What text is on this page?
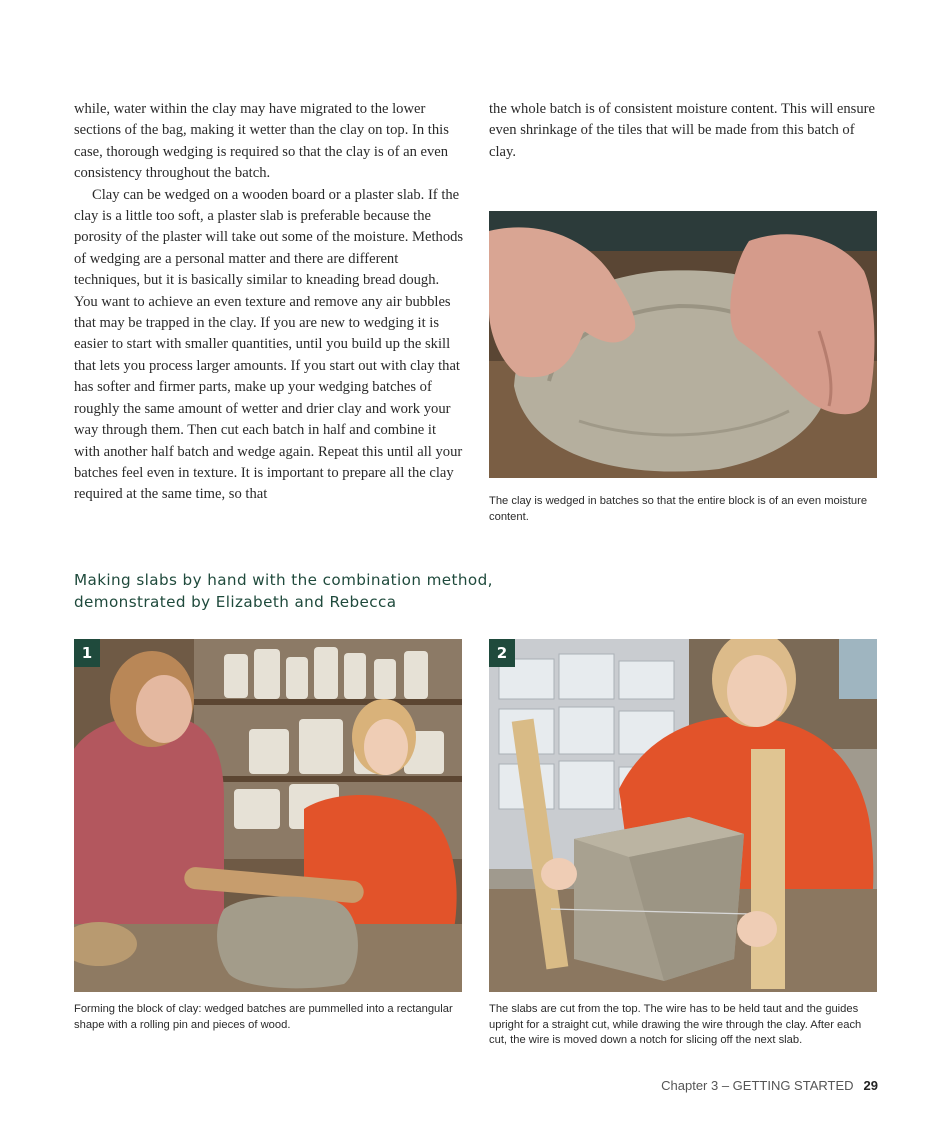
while, water within the clay may have migrated to the lower sections of the bag, making it wetter than the clay on top. In this case, thorough wedging is required so that the clay is of an even consistency throughout the batch.

Clay can be wedged on a wooden board or a plaster slab. If the clay is a little too soft, a plaster slab is preferable because the porosity of the plaster will take out some of the moisture. Methods of wedging are a personal matter and there are different techniques, but it is basically similar to kneading bread dough. You want to achieve an even texture and remove any air bubbles that may be trapped in the clay. If you are new to wedging it is easier to start with smaller quantities, until you build up the skill that lets you process larger amounts. If you start out with clay that has softer and firmer parts, make up your wedging batches of roughly the same amount of wetter and drier clay and work your way through them. Then cut each batch in half and combine it with another half batch and wedge again. Repeat this until all your batches feel even in texture. It is important to prepare all the clay required at the same time, so that

the whole batch is of consistent moisture content. This will ensure even shrinkage of the tiles that will be made from this batch of clay.

The clay is wedged in batches so that the entire block is of an even moisture content.

Making slabs by hand with the combination method, demonstrated by Elizabeth and Rebecca
1

Forming the block of clay: wedged batches are pummelled into a rectangular shape with a rolling pin and pieces of wood.

2

The slabs are cut from the top. The wire has to be held taut and the guides upright for a straight cut, while drawing the wire through the clay. After each cut, the wire is moved down a notch for slicing off the next slab.

Chapter 3 – GETTING STARTED 29
